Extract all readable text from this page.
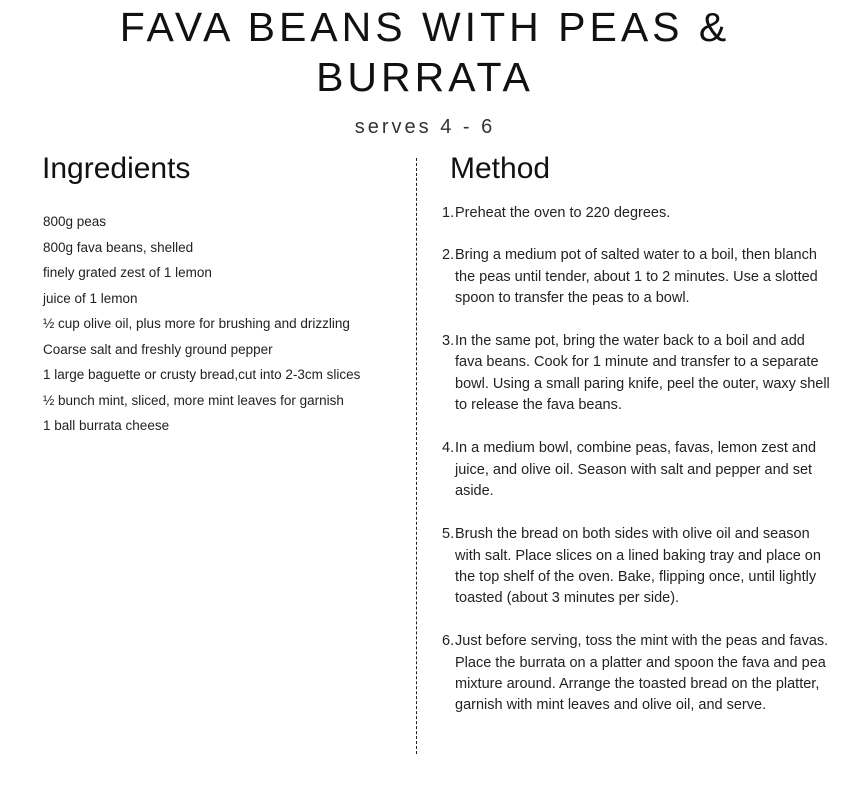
FAVA BEANS WITH PEAS &
BURRATA
serves 4 - 6
Ingredients
800g peas
800g fava beans, shelled
finely grated zest of 1 lemon
juice of 1 lemon
½ cup olive oil, plus more for brushing and drizzling
Coarse salt and freshly ground pepper
1 large baguette or crusty bread,cut into 2-3cm slices
½ bunch mint, sliced, more mint leaves for garnish
1 ball burrata cheese
Method
1. Preheat the oven to 220 degrees.
2. Bring a medium pot of salted water to a boil, then blanch the peas until tender, about 1 to 2 minutes. Use a slotted spoon to transfer the peas to a bowl.
3. In the same pot, bring the water back to a boil and add fava beans. Cook for 1 minute and transfer to a separate bowl. Using a small paring knife, peel the outer, waxy shell to release the fava beans.
4. In a medium bowl, combine peas, favas, lemon zest and juice, and olive oil. Season with salt and pepper and set aside.
5. Brush the bread on both sides with olive oil and season with salt. Place slices on a lined baking tray and place on the top shelf of the oven. Bake, flipping once, until lightly toasted (about 3 minutes per side).
6. Just before serving, toss the mint with the peas and favas. Place the burrata on a platter and spoon the fava and pea mixture around. Arrange the toasted bread on the platter, garnish with mint leaves and olive oil, and serve.
